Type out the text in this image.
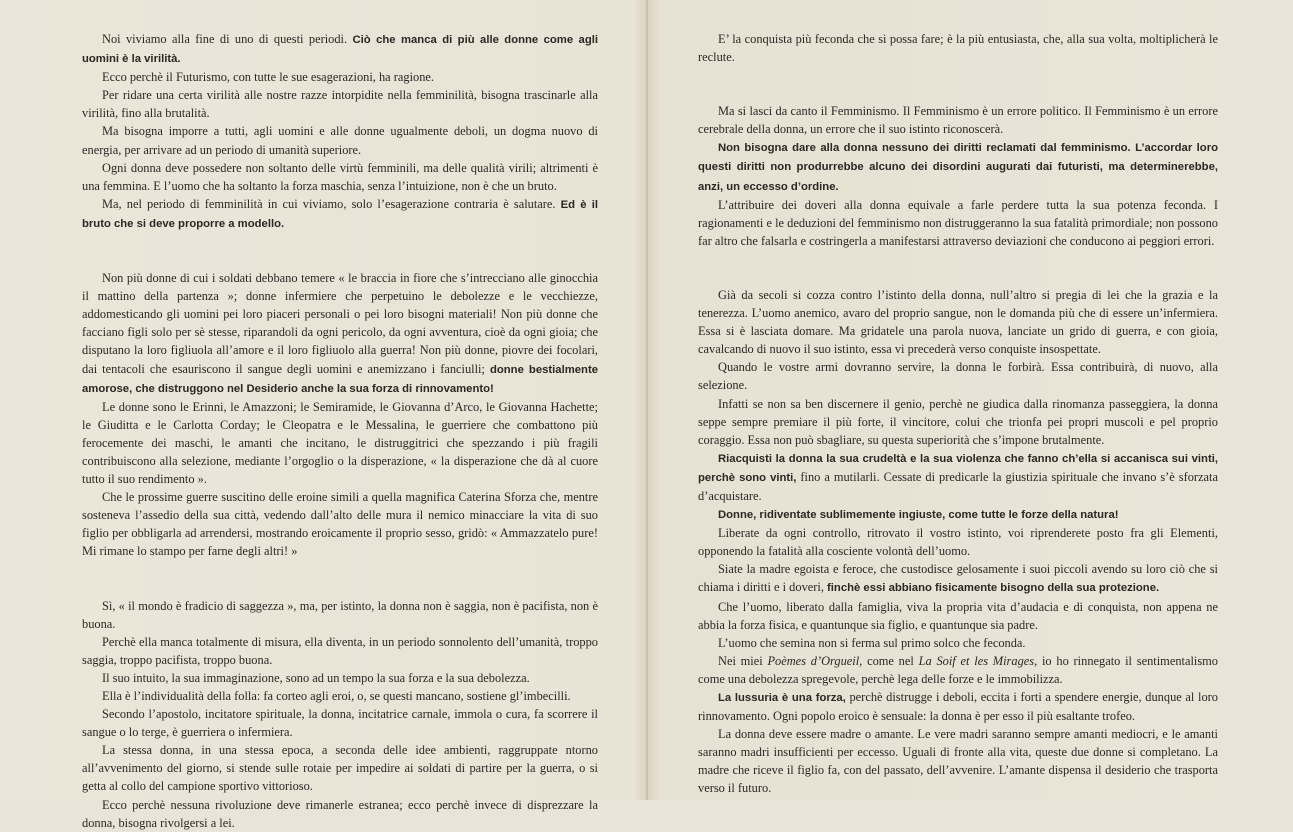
Noi viviamo alla fine di uno di questi periodi. Ciò che manca di più alle donne come agli uomini è la virilità.

Ecco perchè il Futurismo, con tutte le sue esagerazioni, ha ragione.

Per ridare una certa virilità alle nostre razze intorpidite nella femminilità, bisogna trascinarle alla virilità, fino alla brutalità.

Ma bisogna imporre a tutti, agli uomini e alle donne ugualmente deboli, un dogma nuovo di energia, per arrivare ad un periodo di umanità superiore.

Ogni donna deve possedere non soltanto delle virtù femminili, ma delle qualità virili; altrimenti è una femmina. E l’uomo che ha soltanto la forza maschia, senza l’intuizione, non è che un bruto.

Ma, nel periodo di femminilità in cui viviamo, solo l’esagerazione contraria è salutare. Ed è il bruto che si deve proporre a modello.

Non più donne di cui i soldati debbano temere « le braccia in fiore che s’intrecciano alle ginocchia il mattino della partenza »; donne infermiere che perpetuino le debolezze e le vecchiezze, addomesticando gli uomini pei loro piaceri personali o pei loro bisogni materiali! Non più donne che facciano figli solo per sè stesse, riparandoli da ogni pericolo, da ogni avventura, cioè da ogni gioia; che disputano la loro figliuola all’amore e il loro figliuolo alla guerra! Non più donne, piovre dei focolari, dai tentacoli che esauriscono il sangue degli uomini e anemizzano i fanciulli; donne bestialmente amorose, che distruggono nel Desiderio anche la sua forza di rinnovamento!

Le donne sono le Erinni, le Amazzoni; le Semiramide, le Giovanna d’Arco, le Giovanna Hachette; le Giuditta e le Carlotta Corday; le Cleopatra e le Messalina, le guerriere che combattono più ferocemente dei maschi, le amanti che incitano, le distruggitrici che spezzando i più fragili contribuiscono alla selezione, mediante l’orgoglio o la disperazione, « la disperazione che dà al cuore tutto il suo rendimento ».

Che le prossime guerre suscitino delle eroine simili a quella magnifica Caterina Sforza che, mentre sosteneva l’assedio della sua città, vedendo dall’alto delle mura il nemico minacciare la vita di suo figlio per obbligarla ad arrendersi, mostrando eroicamente il proprio sesso, gridò: « Ammazzatelo pure! Mi rimane lo stampo per farne degli altri! »

Sì, « il mondo è fradicio di saggezza », ma, per istinto, la donna non è saggia, non è pacifista, non è buona.

Perchè ella manca totalmente di misura, ella diventa, in un periodo sonnolento dell’umanità, troppo saggia, troppo pacifista, troppo buona.

Il suo intuito, la sua immaginazione, sono ad un tempo la sua forza e la sua debolezza.

Ella è l’individualità della folla: fa corteo agli eroi, o, se questi mancano, sostiene gl’imbecilli.

Secondo l’apostolo, incitatore spirituale, la donna, incitatrice carnale, immola o cura, fa scorrere il sangue o lo terge, è guerriera o infermiera.

La stessa donna, in una stessa epoca, a seconda delle idee ambienti, raggruppate ntorno all’avvenimento del giorno, si stende sulle rotaie per impedire ai soldati di partire per la guerra, o si getta al collo del campione sportivo vittorioso.

Ecco perchè nessuna rivoluzione deve rimanerle estranea; ecco perchè invece di disprezzare la donna, bisogna rivolgersi a lei.

E’ la conquista più feconda che si possa fare; è la più entusiasta, che, alla sua volta, moltiplicherà le reclute.

Ma si lasci da canto il Femminismo. Il Femminismo è un errore politico. Il Femminismo è un errore cerebrale della donna, un errore che il suo istinto riconoscerà.

Non bisogna dare alla donna nessuno dei diritti reclamati dal femminismo. L’accordar loro questi diritti non produrrebbe alcuno dei disordini augurati dai futuristi, ma determinerebbe, anzi, un eccesso d’ordine.

L’attribuire dei doveri alla donna equivale a farle perdere tutta la sua potenza feconda. I ragionamenti e le deduzioni del femminismo non distruggeranno la sua fatalità primordiale; non possono far altro che falsarla e costringerla a manifestarsi attraverso deviazioni che conducono ai peggiori errori.

Già da secoli si cozza contro l’istinto della donna, null’altro si pregia di lei che la grazia e la tenerezza. L’uomo anemico, avaro del proprio sangue, non le domanda più che di essere un’infermiera. Essa si è lasciata domare. Ma gridatele una parola nuova, lanciate un grido di guerra, e con gioia, cavalcando di nuovo il suo istinto, essa vi precederà verso conquiste insospettate.

Quando le vostre armi dovranno servire, la donna le forbirà. Essa contribuirà, di nuovo, alla selezione.

Infatti se non sa ben discernere il genio, perchè ne giudica dalla rinomanza passeggiera, la donna seppe sempre premiare il più forte, il vincitore, colui che trionfa pei propri muscoli e pel proprio coraggio. Essa non può sbagliare, su questa superiorità che s’impone brutalmente.

Riacquisti la donna la sua crudeltà e la sua violenza che fanno ch’ella si accanisca sui vinti, perchè sono vinti, fino a mutilarli. Cessate di predicarle la giustizia spirituale che invano s’è sforzata d’acquistare.

Donne, ridiventate sublimemente ingiuste, come tutte le forze della natura!

Liberate da ogni controllo, ritrovato il vostro istinto, voi riprenderete posto fra gli Elementi, opponendo la fatalità alla cosciente volontà dell’uomo.

Siate la madre egoista e feroce, che custodisce gelosamente i suoi piccoli avendo su loro ciò che si chiama i diritti e i doveri, finchè essi abbiano fisicamente bisogno della sua protezione.

Che l’uomo, liberato dalla famiglia, viva la propria vita d’audacia e di conquista, non appena ne abbia la forza fisica, e quantunque sia figlio, e quantunque sia padre.

L’uomo che semina non si ferma sul primo solco che feconda.

Nei miei Poèmes d’Orgueil, come nel La Soif et les Mirages, io ho rinnegato il sentimentalismo come una debolezza spregevole, perchè lega delle forze e le immobilizza.

La lussuria è una forza, perchè distrugge i deboli, eccita i forti a spendere energie, dunque al loro rinnovamento. Ogni popolo eroico è sensuale: la donna è per esso il più esaltante trofeo.

La donna deve essere madre o amante. Le vere madri saranno sempre amanti mediocri, e le amanti saranno madri insufficienti per eccesso. Uguali di fronte alla vita, queste due donne si completano. La madre che riceve il figlio fa, con del passato, dell’avvenire. L’amante dispensa il desiderio che trasporta verso il futuro.
